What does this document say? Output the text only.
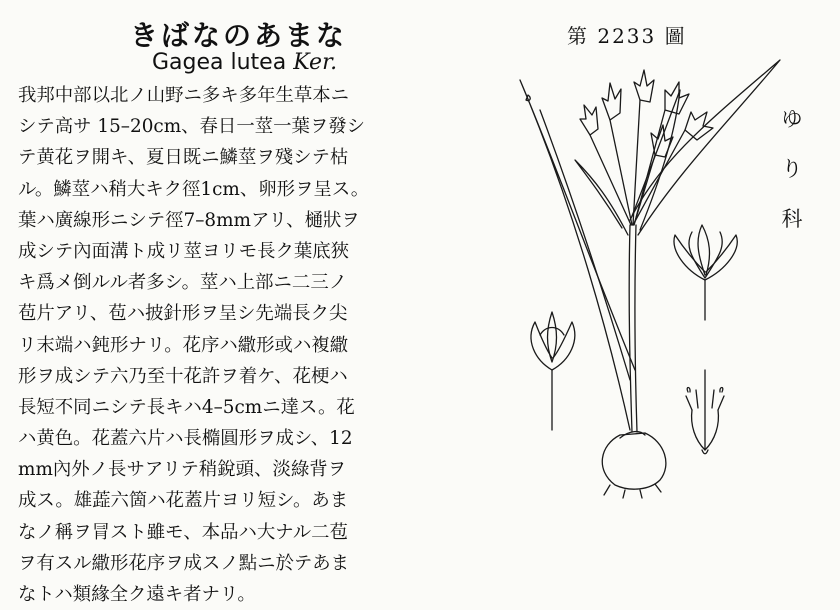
きばなのあまな
Gagea lutea Ker.
我邦中部以北ノ山野ニ多キ多年生草本ニ
シテ高サ 15–20cm、春日一莖一葉ヲ發シ
テ黄花ヲ開キ、夏日既ニ鱗莖ヲ殘シテ枯
ル。鱗莖ハ稍大キク徑1cm、卵形ヲ呈ス。
葉ハ廣線形ニシテ徑7–8mmアリ、樋狀ヲ
成シテ內面溝ト成リ莖ヨリモ長ク葉底狹
キ爲メ倒ルル者多シ。莖ハ上部ニ二三ノ
苞片アリ、苞ハ披針形ヲ呈シ先端長ク尖
リ末端ハ鈍形ナリ。花序ハ繖形或ハ複繖
形ヲ成シテ六乃至十花許ヲ着ケ、花梗ハ
長短不同ニシテ長キハ4–5cmニ達ス。花
ハ黄色。花蓋六片ハ長橢圓形ヲ成シ、12
mm內外ノ長サアリテ稍銳頭、淡綠背ヲ
成ス。雄蕋六箇ハ花蓋片ヨリ短シ。あま
なノ稱ヲ冐スト雖モ、本品ハ大ナル二苞
ヲ有スル繖形花序ヲ成スノ點ニ於テあま
なトハ類緣全ク遠キ者ナリ。
第 2233 圖
ゆ
り
科
